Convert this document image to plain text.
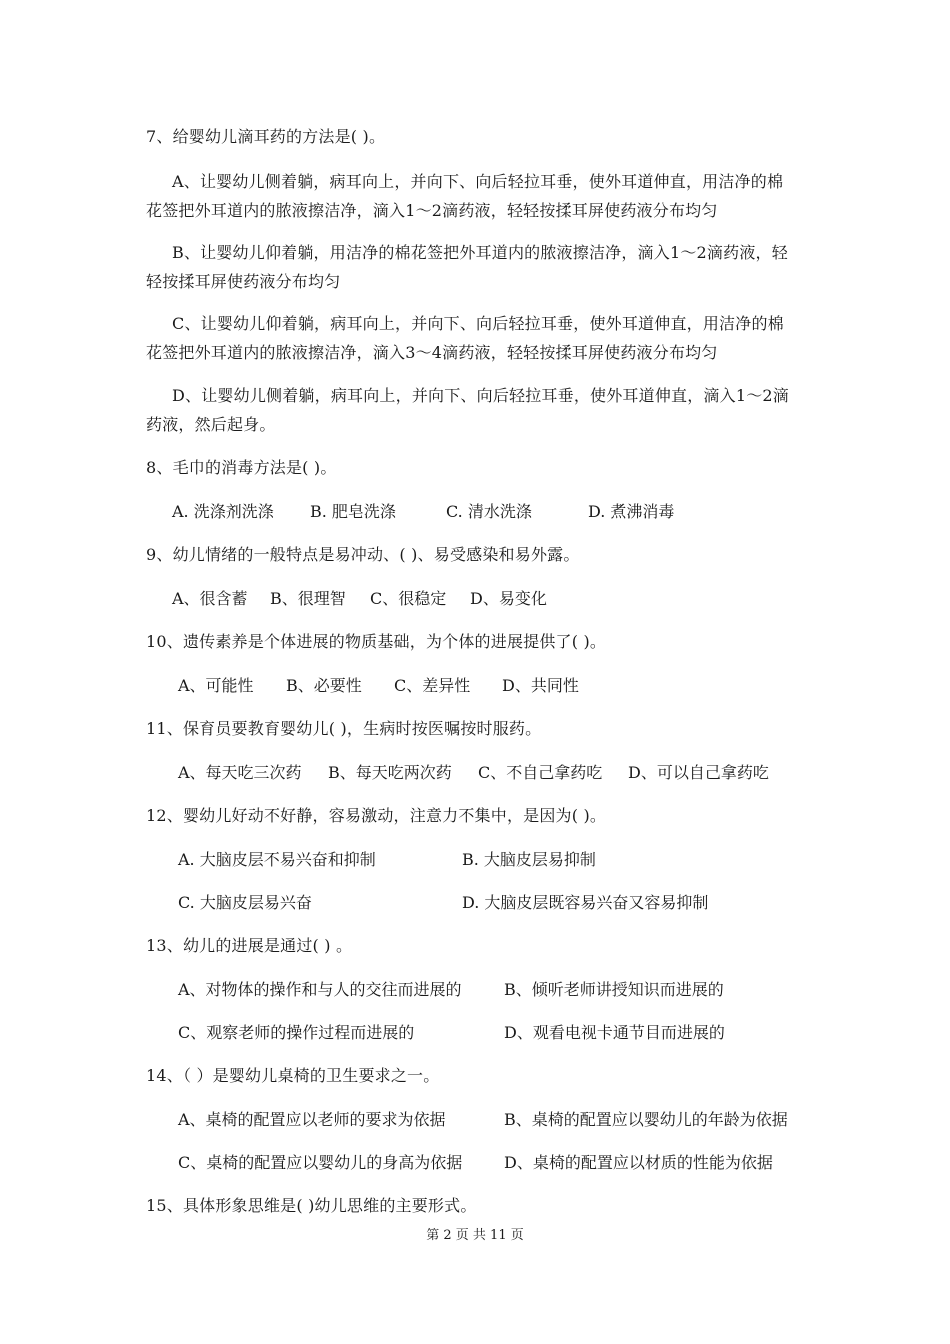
7、给婴幼儿滴耳药的方法是( )。
A、让婴幼儿侧着躺，病耳向上，并向下、向后轻拉耳垂，使外耳道伸直，用洁净的棉
花签把外耳道内的脓液擦洁净，滴入1～2滴药液，轻轻按揉耳屏使药液分布均匀
B、让婴幼儿仰着躺，用洁净的棉花签把外耳道内的脓液擦洁净，滴入1～2滴药液，轻
轻按揉耳屏使药液分布均匀
C、让婴幼儿仰着躺，病耳向上，并向下、向后轻拉耳垂，使外耳道伸直，用洁净的棉
花签把外耳道内的脓液擦洁净，滴入3～4滴药液，轻轻按揉耳屏使药液分布均匀
D、让婴幼儿侧着躺，病耳向上，并向下、向后轻拉耳垂，使外耳道伸直，滴入1～2滴
药液，然后起身。
8、毛巾的消毒方法是( )。
A. 洗涤剂洗涤 B. 肥皂洗涤	C. 清水洗涤	D. 煮沸消毒
9、幼儿情绪的一般特点是易冲动、( )、易受感染和易外露。
A、很含蓄 B、很理智 C、很稳定 D、易变化
10、遗传素养是个体进展的物质基础，为个体的进展提供了( )。
A、可能性 B、必要性 C、差异性 D、共同性
11、保育员要教育婴幼儿( )，生病时按医嘱按时服药。
A、每天吃三次药 B、每天吃两次药 C、不自己拿药吃 D、可以自己拿药吃
12、婴幼儿好动不好静，容易激动，注意力不集中，是因为( )。
A. 大脑皮层不易兴奋和抑制	B. 大脑皮层易抑制
C. 大脑皮层易兴奋	D. 大脑皮层既容易兴奋又容易抑制
13、幼儿的进展是通过( ) 。
A、对物体的操作和与人的交往而进展的	B、倾听老师讲授知识而进展的
C、观察老师的操作过程而进展的	D、观看电视卡通节目而进展的
14、（ ）是婴幼儿桌椅的卫生要求之一。
A、桌椅的配置应以老师的要求为依据	B、桌椅的配置应以婴幼儿的年龄为依据
C、桌椅的配置应以婴幼儿的身高为依据	D、桌椅的配置应以材质的性能为依据
15、具体形象思维是( )幼儿思维的主要形式。
第 2 页 共 11 页
